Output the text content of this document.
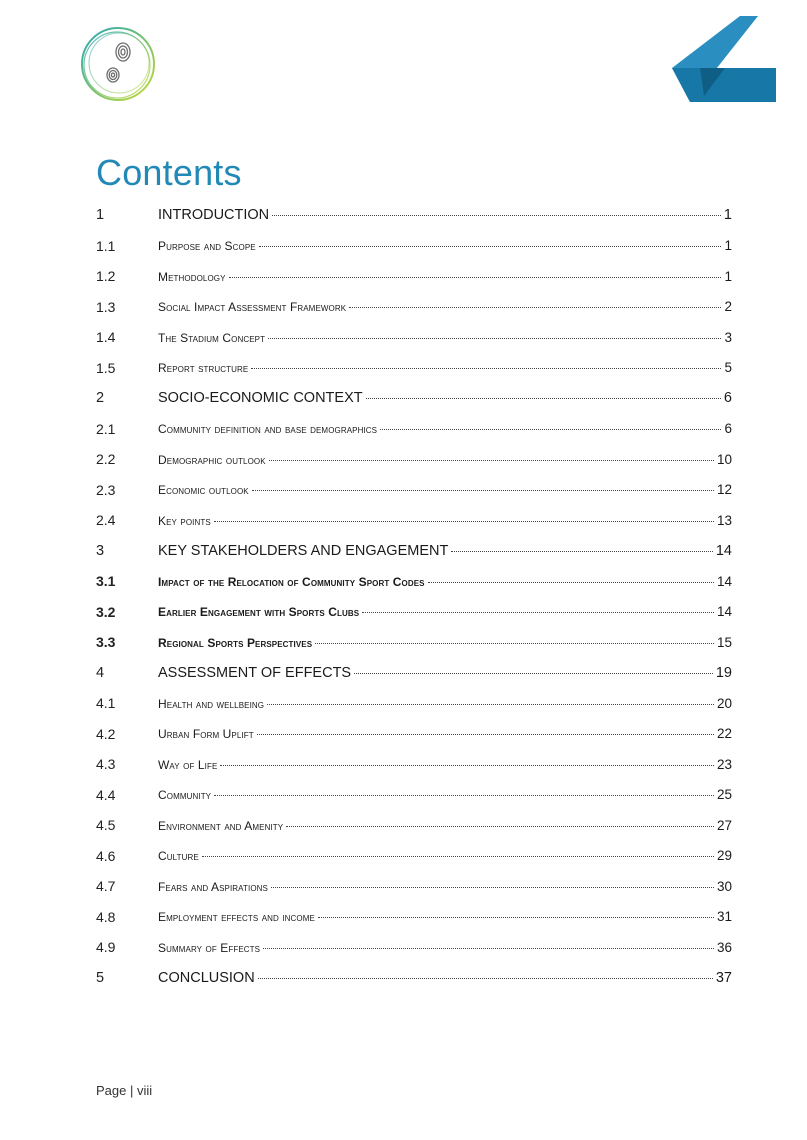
Contents
1	INTRODUCTION	1
1.1	Purpose and Scope	1
1.2	Methodology	1
1.3	Social Impact Assessment Framework	2
1.4	The Stadium Concept	3
1.5	Report structure	5
2	SOCIO-ECONOMIC CONTEXT	6
2.1	Community definition and base demographics	6
2.2	Demographic outlook	10
2.3	Economic outlook	12
2.4	Key points	13
3	KEY STAKEHOLDERS AND ENGAGEMENT	14
3.1	Impact of the Relocation of Community Sport Codes	14
3.2	Earlier Engagement with Sports Clubs	14
3.3	Regional Sports Perspectives	15
4	ASSESSMENT OF EFFECTS	19
4.1	Health and wellbeing	20
4.2	Urban Form Uplift	22
4.3	Way of Life	23
4.4	Community	25
4.5	Environment and Amenity	27
4.6	Culture	29
4.7	Fears and Aspirations	30
4.8	Employment effects and income	31
4.9	Summary of Effects	36
5	CONCLUSION	37
Page | viii
